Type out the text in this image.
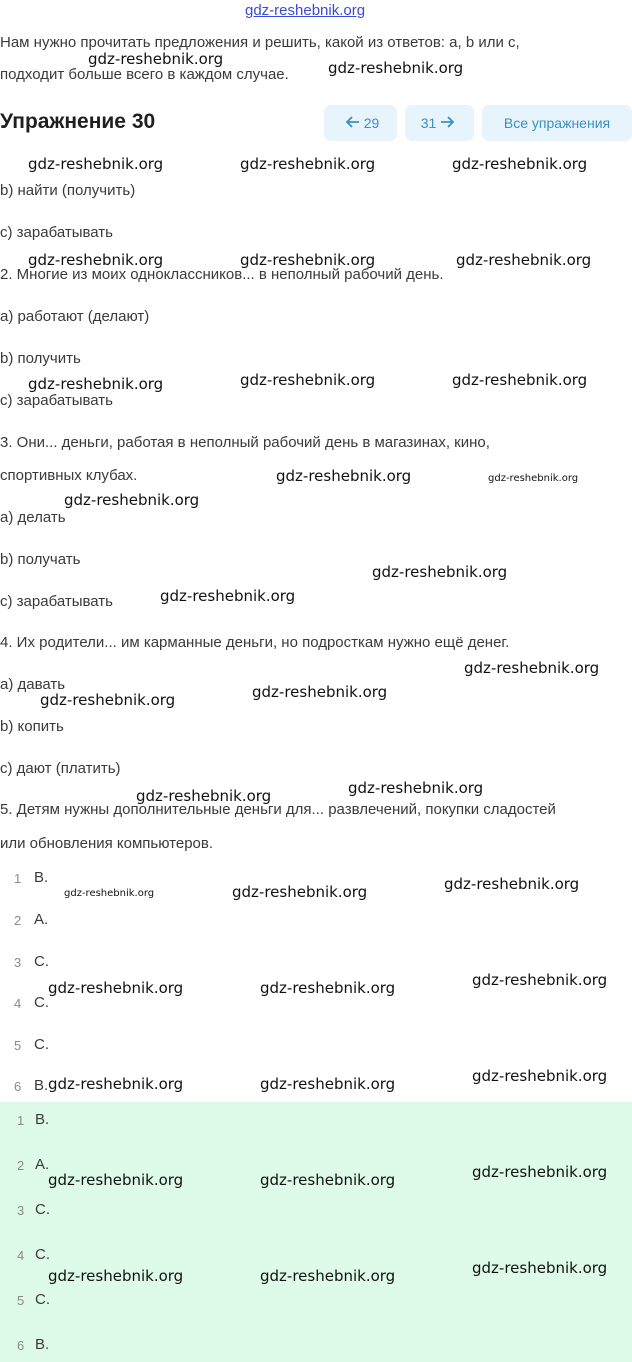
gdz-reshebnik.org
Нам нужно прочитать предложения и решить, какой из ответов: a, b или c,
подходит больше всего в каждом случае.
Упражнение 30	29	31	Все упражнения
b) найти (получить)
c) зарабатывать
2. Многие из моих одноклассников... в неполный рабочий день.
a) работают (делают)
b) получить
c) зарабатывать
3. Они... деньги, работая в неполный рабочий день в магазинах, кино,
спортивных клубах.
a) делать
b) получать
c) зарабатывать
4. Их родители... им карманные деньги, но подросткам нужно ещё денег.
a) давать
b) копить
c) дают (платить)
5. Детям нужны дополнительные деньги для... развлечений, покупки сладостей
или обновления компьютеров.
1 B.
2 A.
3 C.
4 C.
5 C.
6 B.
1 B.
2 A.
3 C.
4 C.
5 C.
6 B.
gdz-reshebnik.org	gdz-reshebnik.org
gdz-reshebnik.org	gdz-reshebnik.org	gdz-reshebnik.org
gdz-reshebnik.org	gdz-reshebnik.org	gdz-reshebnik.org
gdz-reshebnik.org	gdz-reshebnik.org	gdz-reshebnik.org
gdz-reshebnik.org	gdz-reshebnik.org
gdz-reshebnik.org
gdz-reshebnik.org
gdz-reshebnik.org
gdz-reshebnik.org
gdz-reshebnik.org
gdz-reshebnik.org
gdz-reshebnik.org
gdz-reshebnik.org
gdz-reshebnik.org
gdz-reshebnik.org
gdz-reshebnik.org
gdz-reshebnik.org
gdz-reshebnik.org	gdz-reshebnik.org
gdz-reshebnik.org
gdz-reshebnik.org	gdz-reshebnik.org
gdz-reshebnik.org
gdz-reshebnik.org	gdz-reshebnik.org
gdz-reshebnik.org
gdz-reshebnik.org	gdz-reshebnik.org
